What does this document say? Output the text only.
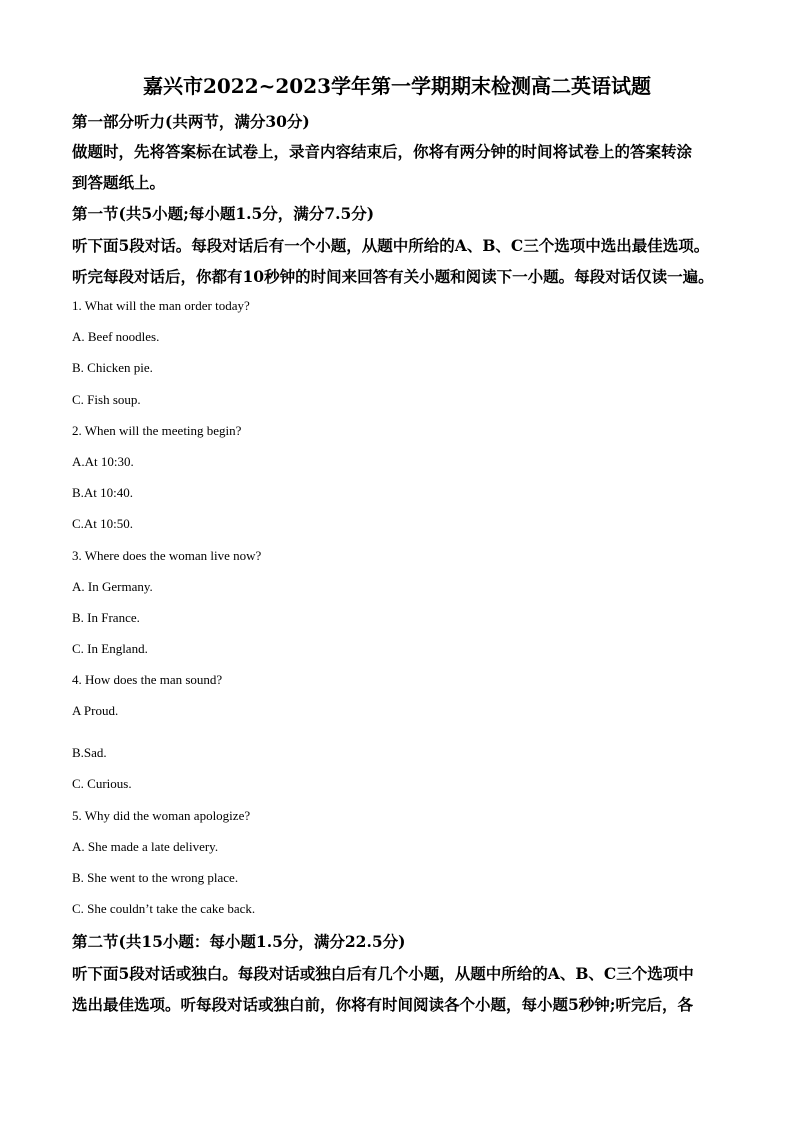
嘉兴市2022~2023学年第一学期期末检测高二英语试题
第一部分听力(共两节，满分30分)
做题时，先将答案标在试卷上，录音内容结束后，你将有两分钟的时间将试卷上的答案转涂
到答题纸上。
第一节(共5小题;每小题1.5分，满分7.5分)
听下面5段对话。每段对话后有一个小题，从题中所给的A、B、C三个选项中选出最佳选项。
听完每段对话后，你都有10秒钟的时间来回答有关小题和阅读下一小题。每段对话仅读一遍。
1. What will the man order today?
A. Beef noodles.
B. Chicken pie.
C. Fish soup.
2. When will the meeting begin?
A.At 10:30.
B.At 10:40.
C.At 10:50.
3. Where does the woman live now?
A. In Germany.
B. In France.
C. In England.
4. How does the man sound?
A Proud.
B.Sad.
C. Curious.
5. Why did the woman apologize?
A. She made a late delivery.
B. She went to the wrong place.
C. She couldn’t take the cake back.
第二节(共15小题：每小题1.5分，满分22.5分)
听下面5段对话或独白。每段对话或独白后有几个小题，从题中所给的A、B、C三个选项中
选出最佳选项。听每段对话或独白前，你将有时间阅读各个小题，每小题5秒钟;听完后，各
